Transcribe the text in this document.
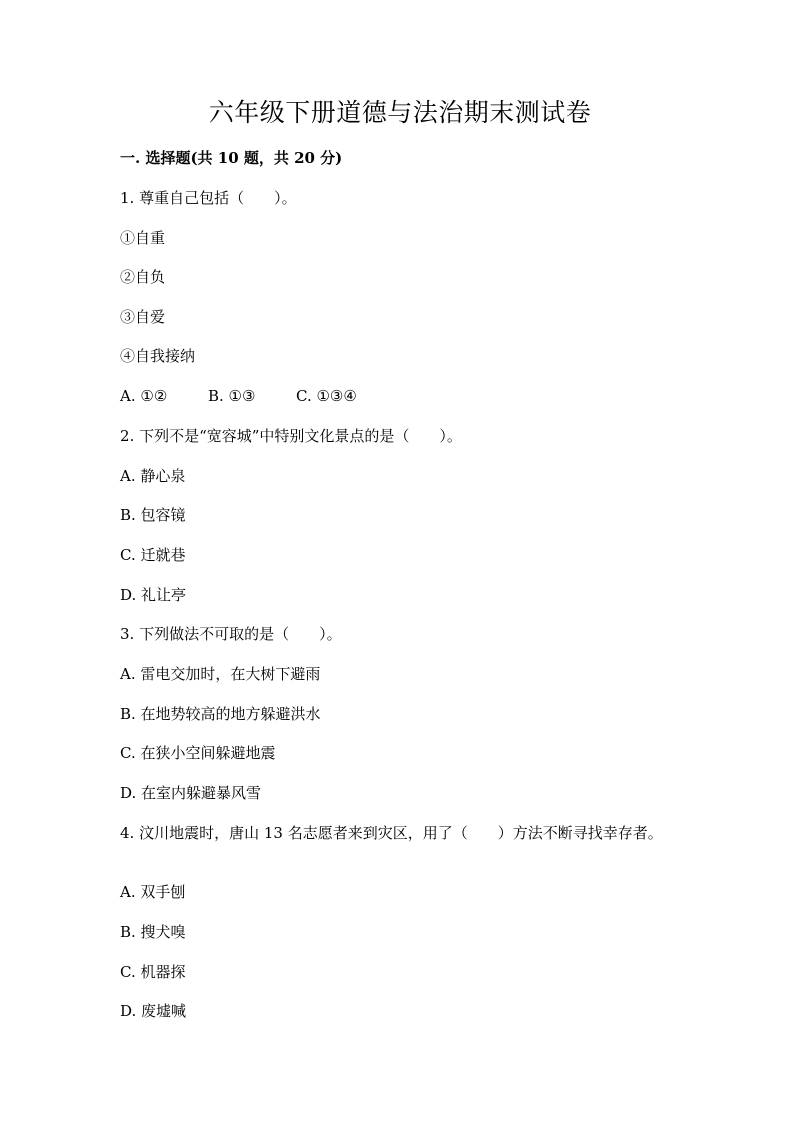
六年级下册道德与法治期末测试卷

一. 选择题(共 10 题，共 20 分)

1. 尊重自己包括（　　）。

①自重

②自负

③自爱

④自我接纳

A. ①②	B. ①③	C. ①③④

2. 下列不是“宽容城”中特别文化景点的是（　　）。

A. 静心泉

B. 包容镜

C. 迁就巷

D. 礼让亭

3. 下列做法不可取的是（　　）。

A. 雷电交加时，在大树下避雨

B. 在地势较高的地方躲避洪水

C. 在狭小空间躲避地震

D. 在室内躲避暴风雪

4. 汶川地震时，唐山 13 名志愿者来到灾区，用了（　　）方法不断寻找幸存者。

A. 双手刨

B. 搜犬嗅

C. 机器探

D. 废墟喊
